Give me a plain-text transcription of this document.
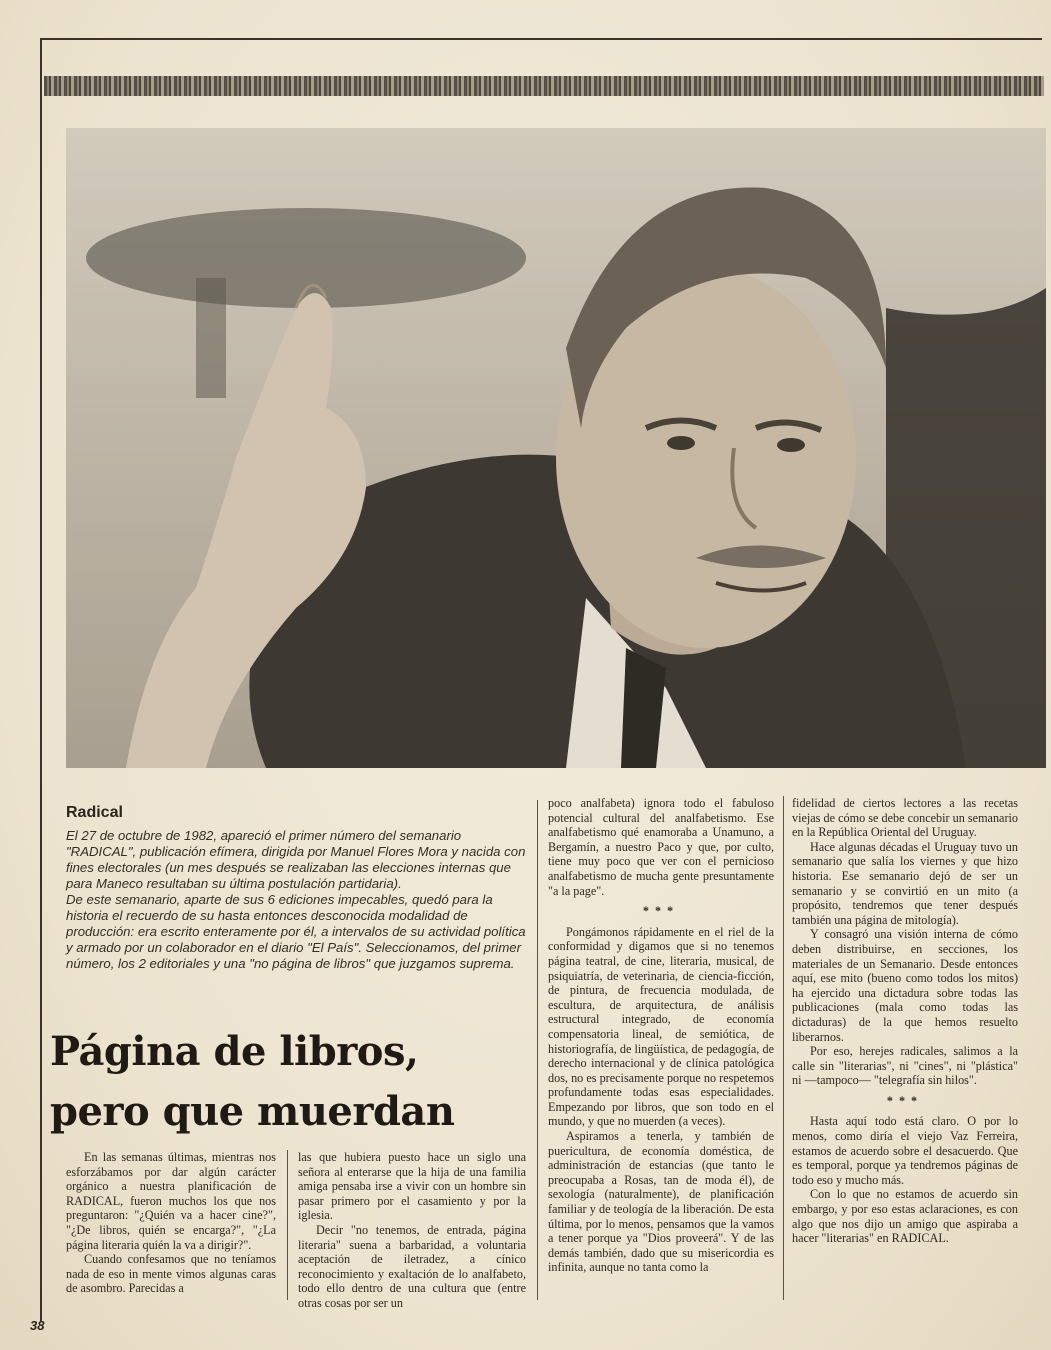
Radical

El 27 de octubre de 1982, apareció el primer número del semanario "RADICAL", publicación efímera, dirigida por Manuel Flores Mora y nacida con fines electorales (un mes después se realizaban las elecciones internas que para Maneco resultaban su última postulación partidaria).

De este semanario, aparte de sus 6 ediciones impecables, quedó para la historia el recuerdo de su hasta entonces desconocida modalidad de producción: era escrito enteramente por él, a intervalos de su actividad política y armado por un colaborador en el diario "El País". Seleccionamos, del primer número, los 2 editoriales y una "no página de libros" que juzgamos suprema.

Página de libros,
pero que muerdan

En las semanas últimas, mientras nos esforzábamos por dar algún carácter orgánico a nuestra planificación de RADICAL, fueron muchos los que nos preguntaron: "¿Quién va a hacer cine?", "¿De libros, quién se encarga?", "¿La página literaria quién la va a dirigir?".

Cuando confesamos que no teníamos nada de eso in mente vimos algunas caras de asombro. Parecidas a

las que hubiera puesto hace un siglo una señora al enterarse que la hija de una familia amiga pensaba irse a vivir con un hombre sin pasar primero por el casamiento y por la iglesia.

Decir "no tenemos, de entrada, página literaria" suena a barbaridad, a voluntaria aceptación de iletradez, a cínico reconocimiento y exaltación de lo analfabeto, todo ello dentro de una cultura que (entre otras cosas por ser un

poco analfabeta) ignora todo el fabuloso potencial cultural del analfabetismo. Ese analfabetismo qué enamoraba a Unamuno, a Bergamín, a nuestro Paco y que, por culto, tiene muy poco que ver con el pernicioso analfabetismo de mucha gente presuntamente "a la page".

***

Pongámonos rápidamente en el riel de la conformidad y digamos que si no tenemos página teatral, de cine, literaria, musical, de psiquiatría, de veterinaria, de ciencia-ficción, de pintura, de frecuencia modulada, de escultura, de arquitectura, de análisis estructural integrado, de economía compensatoria lineal, de semiótica, de historiografía, de lingüística, de pedagogía, de derecho internacional y de clínica patológica dos, no es precisamente porque no respetemos profundamente todas esas especialidades. Empezando por libros, que son todo en el mundo, y que no muerden (a veces).

Aspiramos a tenerla, y también de puericultura, de economía doméstica, de administración de estancias (que tanto le preocupaba a Rosas, tan de moda él), de sexología (naturalmente), de planificación familiar y de teología de la liberación. De esta última, por lo menos, pensamos que la vamos a tener porque ya "Dios proveerá". Y de las demás también, dado que su misericordia es infinita, aunque no tanta como la

fidelidad de ciertos lectores a las recetas viejas de cómo se debe concebir un semanario en la República Oriental del Uruguay.

Hace algunas décadas el Uruguay tuvo un semanario que salía los viernes y que hizo historia. Ese semanario dejó de ser un semanario y se convirtió en un mito (a propósito, tendremos que tener después también una página de mitología).

Y consagró una visión interna de cómo deben distribuirse, en secciones, los materiales de un Semanario. Desde entonces aquí, ese mito (bueno como todos los mitos) ha ejercido una dictadura sobre todas las publicaciones (mala como todas las dictaduras) de la que hemos resuelto liberarnos.

Por eso, herejes radicales, salimos a la calle sin "literarias", ni "cines", ni "plástica" ni —tampoco— "telegrafía sin hilos".

***

Hasta aquí todo está claro. O por lo menos, como diría el viejo Vaz Ferreira, estamos de acuerdo sobre el desacuerdo. Que es temporal, porque ya tendremos páginas de todo eso y mucho más.

Con lo que no estamos de acuerdo sin embargo, y por eso estas aclaraciones, es con algo que nos dijo un amigo que aspiraba a hacer "literarias" en RADICAL.

38
